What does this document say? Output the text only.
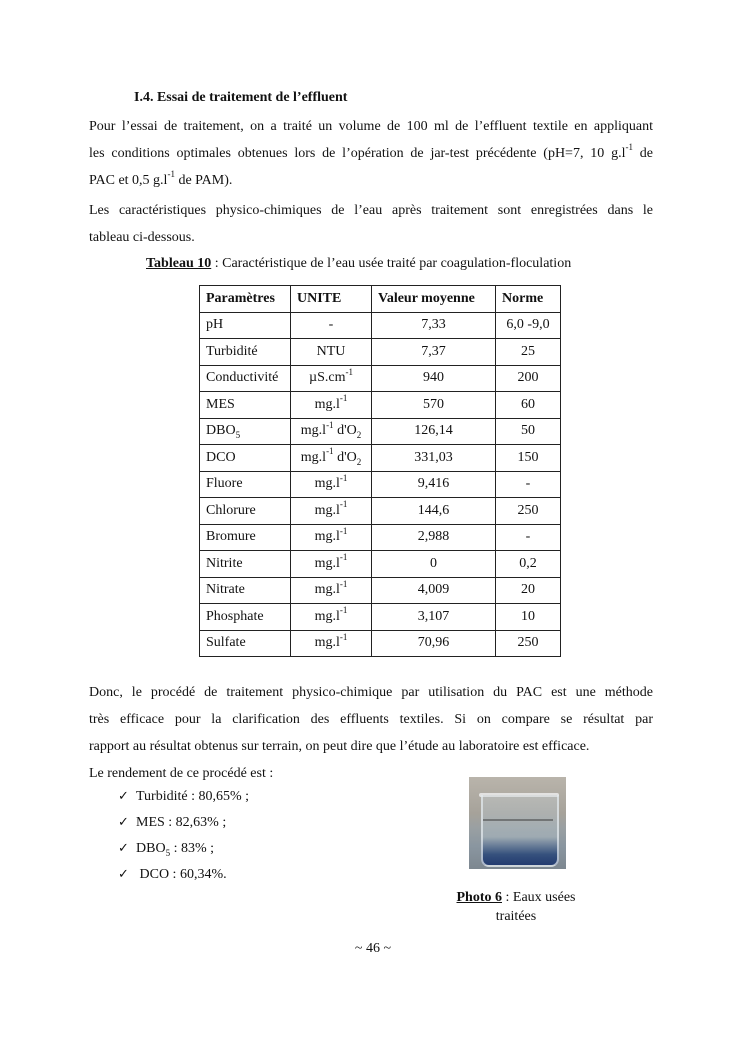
I.4. Essai de traitement de l’effluent
Pour l’essai de traitement, on a traité un volume de 100 ml de l’effluent textile en appliquant
les conditions optimales obtenues lors de l’opération de jar-test précédente (pH=7, 10 $g.l^{-1}$ de
PAC et 0,5 $g.l^{-1}$ de PAM).
Les caractéristiques physico-chimiques de l’eau après traitement sont enregistrées dans le
tableau ci-dessous.
Tableau 10 : Caractéristique de l’eau usée traité par coagulation-floculation
Paramètres	UNITE	Valeur moyenne	Norme
pH	-	7,33	6,0 -9,0
Turbidité	NTU	7,37	25
Conductivité	$\mu S.cm^{-1}$	940	200
MES	$mg.l^{-1}$	570	60
$DBO_5$	$mg.l^{-1}$ $d'O_2$	126,14	50
DCO	$mg.l^{-1}$ $d'O_2$	331,03	150
Fluore	$mg.l^{-1}$	9,416	-
Chlorure	$mg.l^{-1}$	144,6	250
Bromure	$mg.l^{-1}$	2,988	-
Nitrite	$mg.l^{-1}$	0	0,2
Nitrate	$mg.l^{-1}$	4,009	20
Phosphate	$mg.l^{-1}$	3,107	10
Sulfate	$mg.l^{-1}$	70,96	250
Donc, le procédé de traitement physico-chimique par utilisation du PAC est une méthode
très efficace pour la clarification des effluents textiles. Si on compare se résultat par
rapport au résultat obtenus sur terrain, on peut dire que l’étude au laboratoire est efficace.
Le rendement de ce procédé est :
✓ Turbidité : 80,65% ;
✓ MES : 82,63% ;
✓ $DBO_5$ : 83% ;
✓ DCO : 60,34%.
Photo 6 : Eaux usées
traitées
~ 46 ~
